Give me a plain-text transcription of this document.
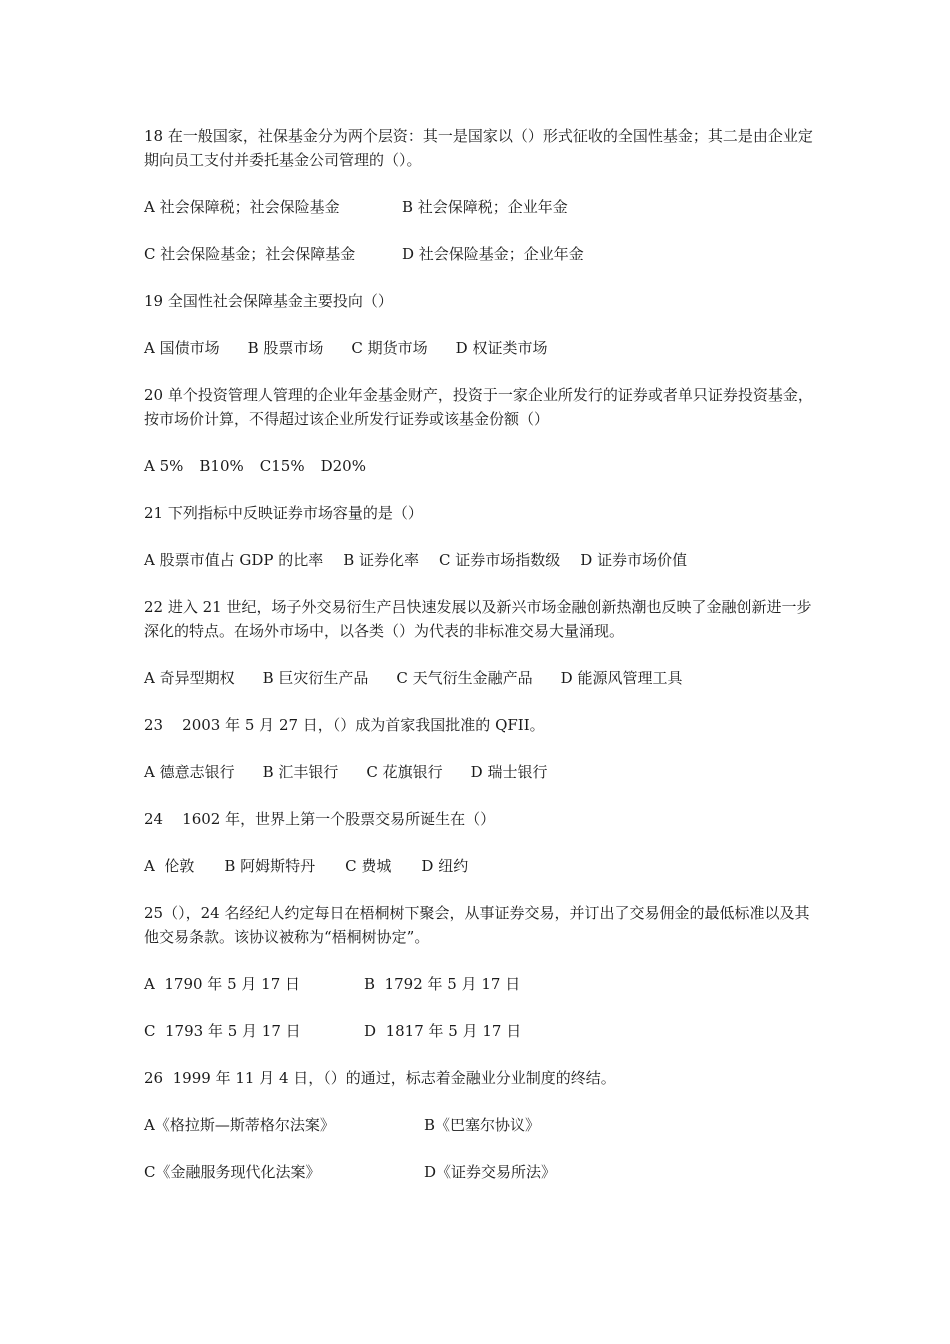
18 在一般国家，社保基金分为两个层资：其一是国家以（）形式征收的全国性基金；其二是由企业定期向员工支付并委托基金公司管理的（）。

A 社会保障税；社会保险基金	B 社会保障税；企业年金
C 社会保险基金；社会保障基金	D 社会保险基金；企业年金

19 全国性社会保障基金主要投向（）

A 国债市场 B 股票市场 C 期货市场 D 权证类市场

20 单个投资管理人管理的企业年金基金财产，投资于一家企业所发行的证券或者单只证券投资基金，按市场价计算，不得超过该企业所发行证券或该基金份额（）

A 5% B10% C15% D20%

21 下列指标中反映证券市场容量的是（）

A 股票市值占 GDP 的比率 B 证券化率 C 证券市场指数级 D 证券市场价值

22 进入 21 世纪，场子外交易衍生产吕快速发展以及新兴市场金融创新热潮也反映了金融创新进一步深化的特点。在场外市场中，以各类（）为代表的非标准交易大量涌现。

A 奇异型期权 B 巨灾衍生产品 C 天气衍生金融产品 D 能源风管理工具

23    2003 年 5 月 27 日，（）成为首家我国批准的 QFII。

A 德意志银行 B 汇丰银行 C 花旗银行 D 瑞士银行

24    1602 年，世界上第一个股票交易所诞生在（）

A  伦敦 B 阿姆斯特丹 C 费城 D 纽约

25（），24 名经纪人约定每日在梧桐树下聚会，从事证券交易，并订出了交易佣金的最低标准以及其他交易条款。该协议被称为“梧桐树协定”。

A  1790 年 5 月 17 日	B  1792 年 5 月 17 日
C  1793 年 5 月 17 日	D  1817 年 5 月 17 日

26  1999 年 11 月 4 日，（）的通过，标志着金融业分业制度的终结。

A《格拉斯—斯蒂格尔法案》	B《巴塞尔协议》
C《金融服务现代化法案》	D《证券交易所法》
